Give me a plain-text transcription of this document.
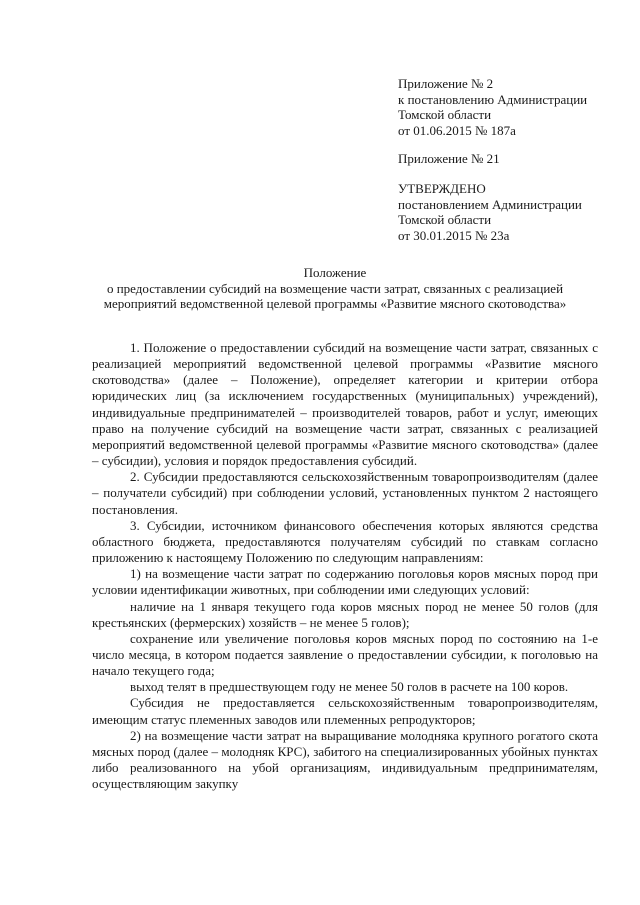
Приложение № 2
к постановлению Администрации
Томской области
от 01.06.2015 № 187а
Приложение № 21
УТВЕРЖДЕНО
постановлением Администрации
Томской области
от 30.01.2015 № 23а
Положение
о предоставлении субсидий на возмещение части затрат, связанных с реализацией
мероприятий ведомственной целевой программы «Развитие мясного скотоводства»

1. Положение о предоставлении субсидий на возмещение части затрат, связанных с реализацией мероприятий ведомственной целевой программы «Развитие мясного скотоводства» (далее – Положение), определяет категории и критерии отбора юридических лиц (за исключением государственных (муниципальных) учреждений), индивидуальные предпринимателей – производителей товаров, работ и услуг, имеющих право на получение субсидий на возмещение части затрат, связанных с реализацией мероприятий ведомственной целевой программы «Развитие мясного скотоводства» (далее – субсидии), условия и порядок предоставления субсидий.

2. Субсидии предоставляются сельскохозяйственным товаропроизводителям (далее – получатели субсидий) при соблюдении условий, установленных пунктом 2 настоящего постановления.

3. Субсидии, источником финансового обеспечения которых являются средства областного бюджета, предоставляются получателям субсидий по ставкам согласно приложению к настоящему Положению по следующим направлениям:

1) на возмещение части затрат по содержанию поголовья коров мясных пород при условии идентификации животных, при соблюдении ими следующих условий:

наличие на 1 января текущего года коров мясных пород не менее 50 голов (для крестьянских (фермерских) хозяйств – не менее 5 голов);

сохранение или увеличение поголовья коров мясных пород по состоянию на 1-е число месяца, в котором подается заявление о предоставлении субсидии, к поголовью на начало текущего года;

выход телят в предшествующем году не менее 50 голов в расчете на 100 коров.

Субсидия не предоставляется сельскохозяйственным товаропроизводителям, имеющим статус племенных заводов или племенных репродукторов;

2) на возмещение части затрат на выращивание молодняка крупного рогатого скота мясных пород (далее – молодняк КРС), забитого на специализированных убойных пунктах либо реализованного на убой организациям, индивидуальным предпринимателям, осуществляющим закупку
